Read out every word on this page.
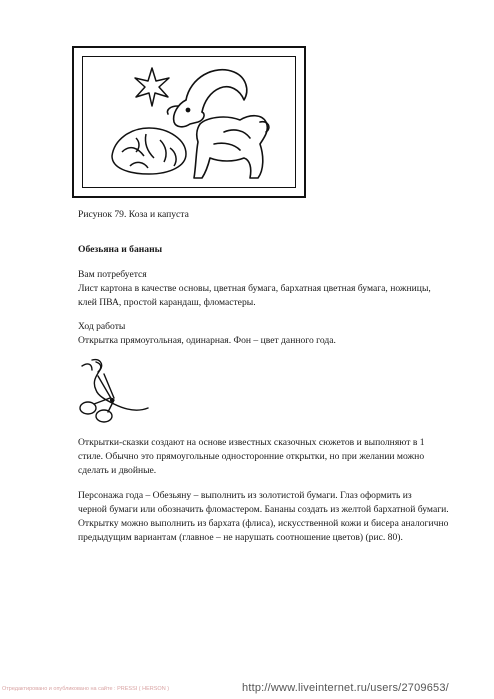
Рисунок 79. Коза и капуста
Обезьяна и бананы
Вам потребуется
Лист картона в качестве основы, цветная бумага, бархатная цветная бумага, ножницы,
клей ПВА, простой карандаш, фломастеры.
Ход работы
Открытка прямоугольная, одинарная. Фон – цвет данного года.
Открытки-сказки создают на основе известных сказочных сюжетов и выполняют в 1
стиле. Обычно это прямоугольные односторонние открытки, но при желании можно
сделать и двойные.
Персонажа года – Обезьяну – выполнить из золотистой бумаги. Глаз оформить из
черной бумаги или обозначить фломастером. Бананы создать из желтой бархатной бумаги.
Открытку можно выполнить из бархата (флиса), искусственной кожи и бисера аналогично
предыдущим вариантам (главное – не нарушать соотношение цветов) (рис. 80).
Отредактировано и опубликовано на сайте : PRESSI ( HERSON )	http://www.liveinternet.ru/users/2709653/
